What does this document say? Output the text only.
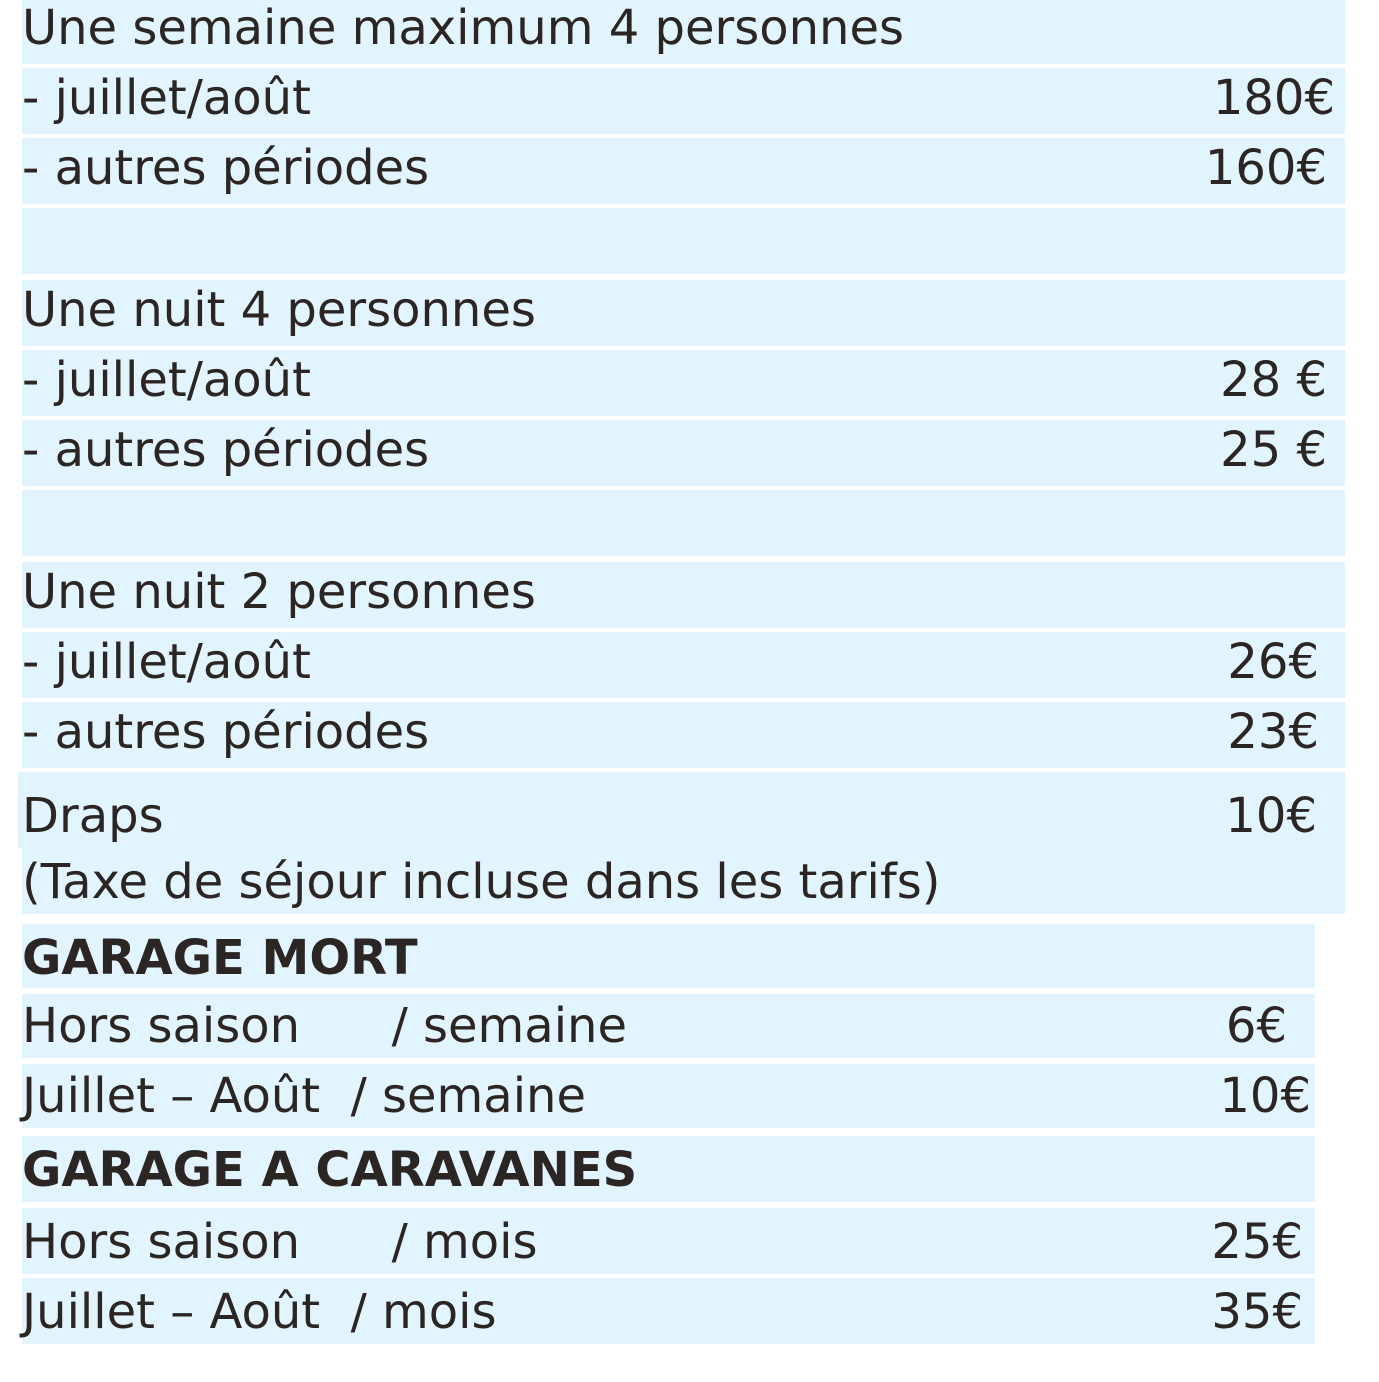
Une semaine maximum 4 personnes
- juillet/août	180€
- autres périodes	160€
Une nuit 4 personnes
- juillet/août	28 €
- autres périodes	25 €
Une nuit 2 personnes
- juillet/août	26€
- autres périodes	23€
Draps	10€
(Taxe de séjour incluse dans les tarifs)
GARAGE MORT
Hors saison      / semaine	6€
Juillet – Août  / semaine	10€
GARAGE A CARAVANES
Hors saison      / mois	25€
Juillet – Août  / mois	35€
